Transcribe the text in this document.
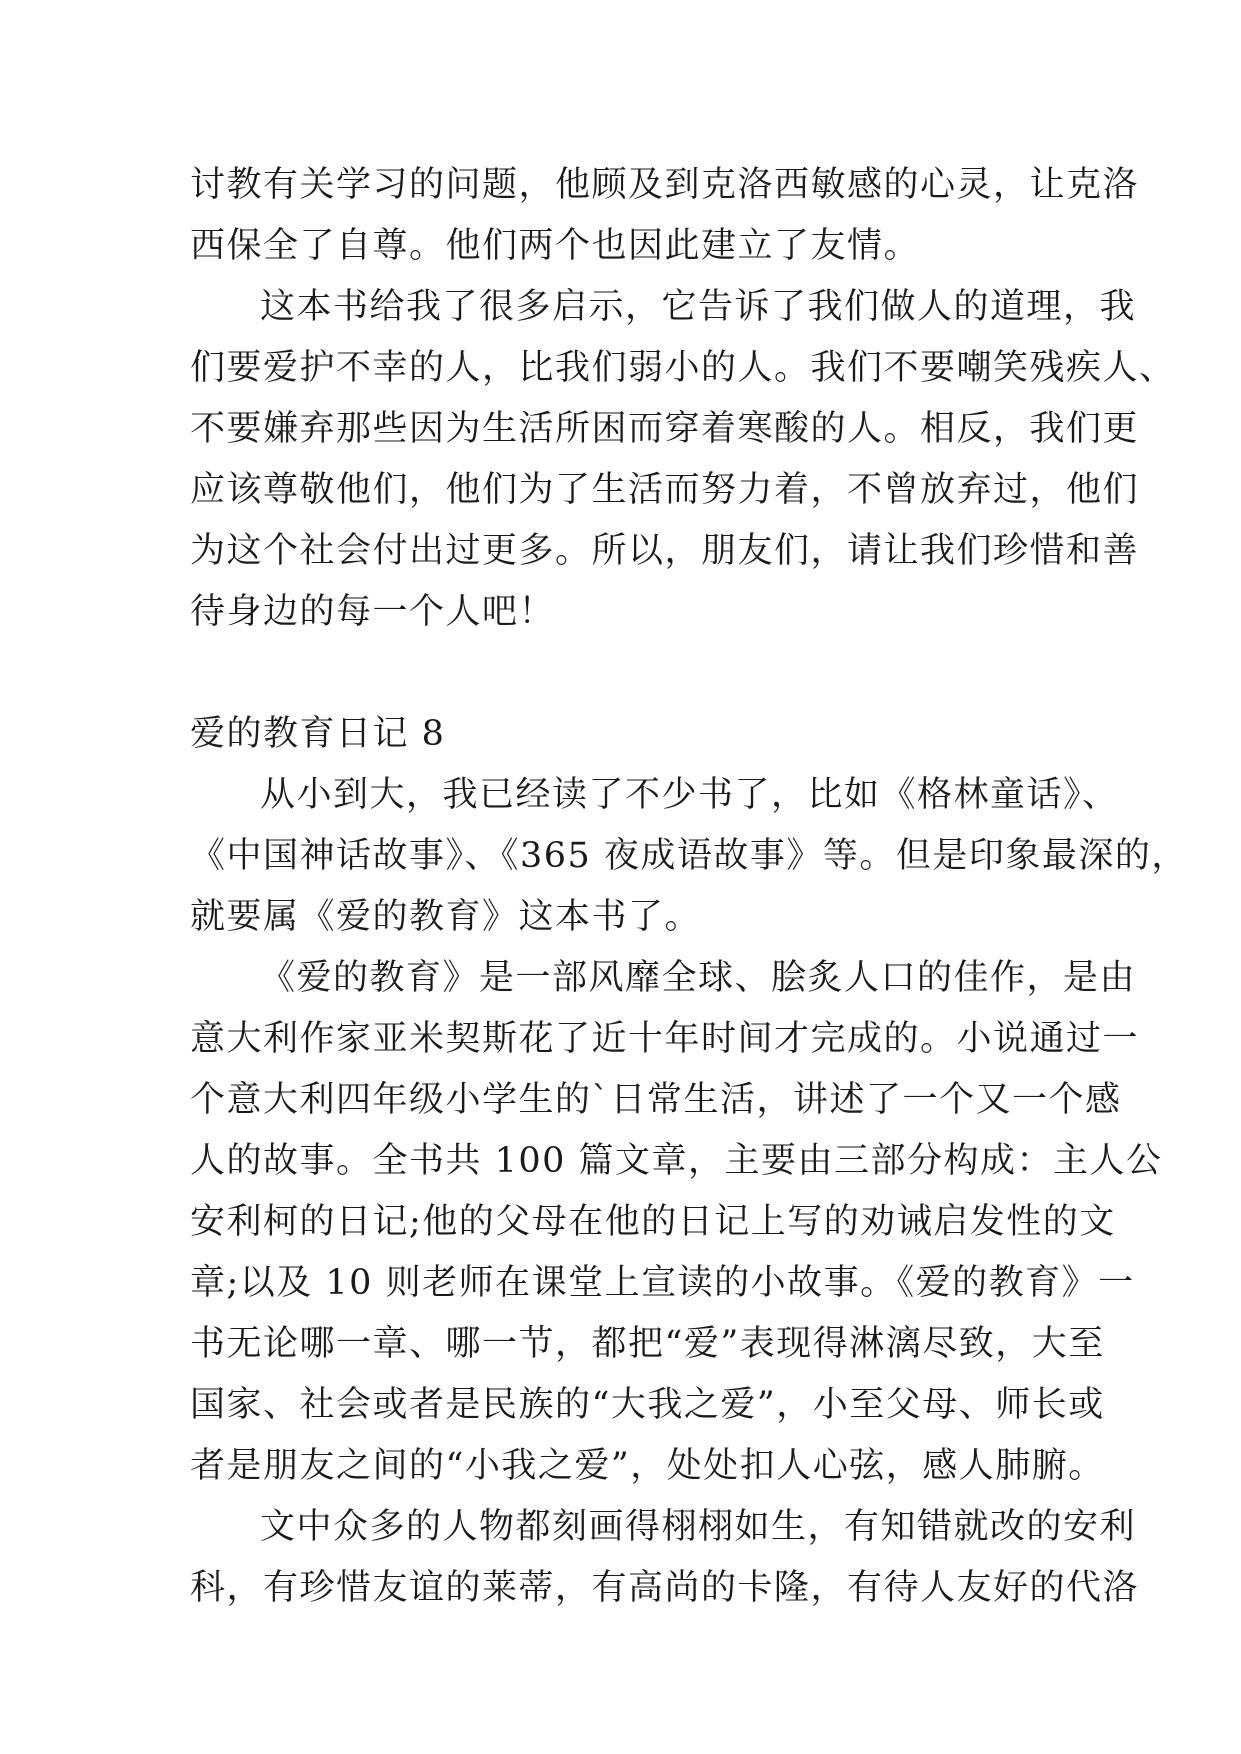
讨教有关学习的问题，他顾及到克洛西敏感的心灵，让克洛
西保全了自尊。他们两个也因此建立了友情。
这本书给我了很多启示，它告诉了我们做人的道理，我
们要爱护不幸的人，比我们弱小的人。我们不要嘲笑残疾人、
不要嫌弃那些因为生活所困而穿着寒酸的人。相反，我们更
应该尊敬他们，他们为了生活而努力着，不曾放弃过，他们
为这个社会付出过更多。所以，朋友们，请让我们珍惜和善
待身边的每一个人吧！
爱的教育日记 8
从小到大，我已经读了不少书了，比如《格林童话》、
《中国神话故事》、《365 夜成语故事》等。但是印象最深的，
就要属《爱的教育》这本书了。
《爱的教育》是一部风靡全球、脍炙人口的佳作，是由
意大利作家亚米契斯花了近十年时间才完成的。小说通过一
个意大利四年级小学生的`日常生活，讲述了一个又一个感
人的故事。全书共 100 篇文章，主要由三部分构成：主人公
安利柯的日记;他的父母在他的日记上写的劝诫启发性的文
章;以及 10 则老师在课堂上宣读的小故事。《爱的教育》一
书无论哪一章、哪一节，都把“爱”表现得淋漓尽致，大至
国家、社会或者是民族的“大我之爱”，小至父母、师长或
者是朋友之间的“小我之爱”，处处扣人心弦，感人肺腑。
文中众多的人物都刻画得栩栩如生，有知错就改的安利
科，有珍惜友谊的莱蒂，有高尚的卡隆，有待人友好的代洛
